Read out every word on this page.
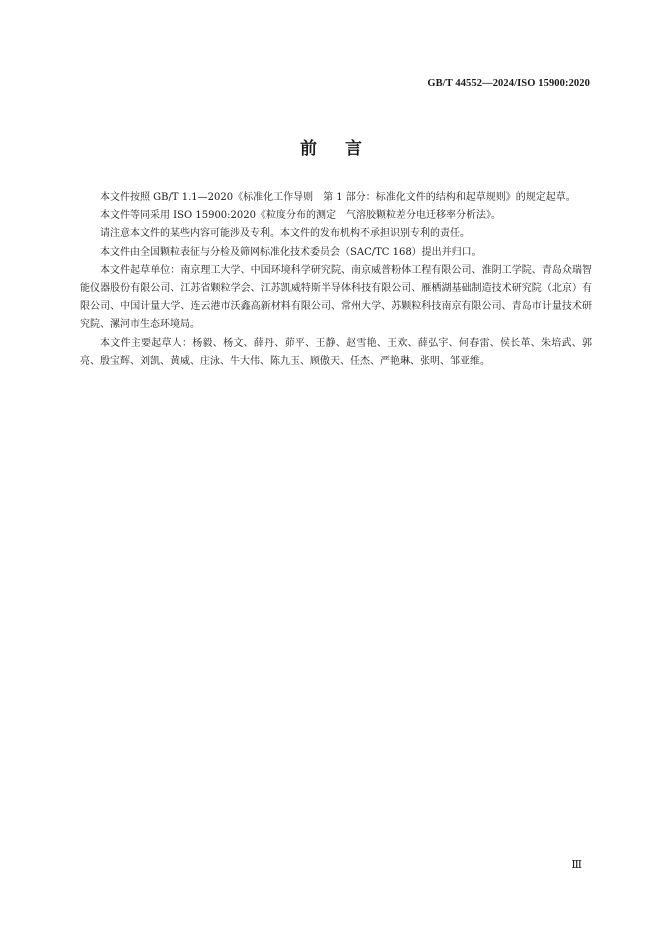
GB/T 44552—2024/ISO 15900:2020
前言

本文件按照 GB/T 1.1—2020《标准化工作导则　第 1 部分：标准化文件的结构和起草规则》的规定起草。

本文件等同采用 ISO 15900:2020《粒度分布的测定　气溶胶颗粒差分电迁移率分析法》。

请注意本文件的某些内容可能涉及专利。本文件的发布机构不承担识别专利的责任。

本文件由全国颗粒表征与分检及筛网标准化技术委员会（SAC/TC 168）提出并归口。

本文件起草单位：南京理工大学、中国环境科学研究院、南京威普粉体工程有限公司、淮阴工学院、青岛众瑞智能仪器股份有限公司、江苏省颗粒学会、江苏凯威特斯半导体科技有限公司、雁栖湖基础制造技术研究院（北京）有限公司、中国计量大学、连云港市沃鑫高新材料有限公司、常州大学、苏颗粒科技南京有限公司、青岛市计量技术研究院、漯河市生态环境局。

本文件主要起草人：杨毅、杨文、薛丹、茆平、王静、赵雪艳、王欢、薛弘宇、何春雷、侯长革、朱培武、郭亮、殷宝辉、刘凯、黄威、庄泳、牛大伟、陈九玉、顾傲天、任杰、严艳琳、张明、邹亚维。

Ⅲ
